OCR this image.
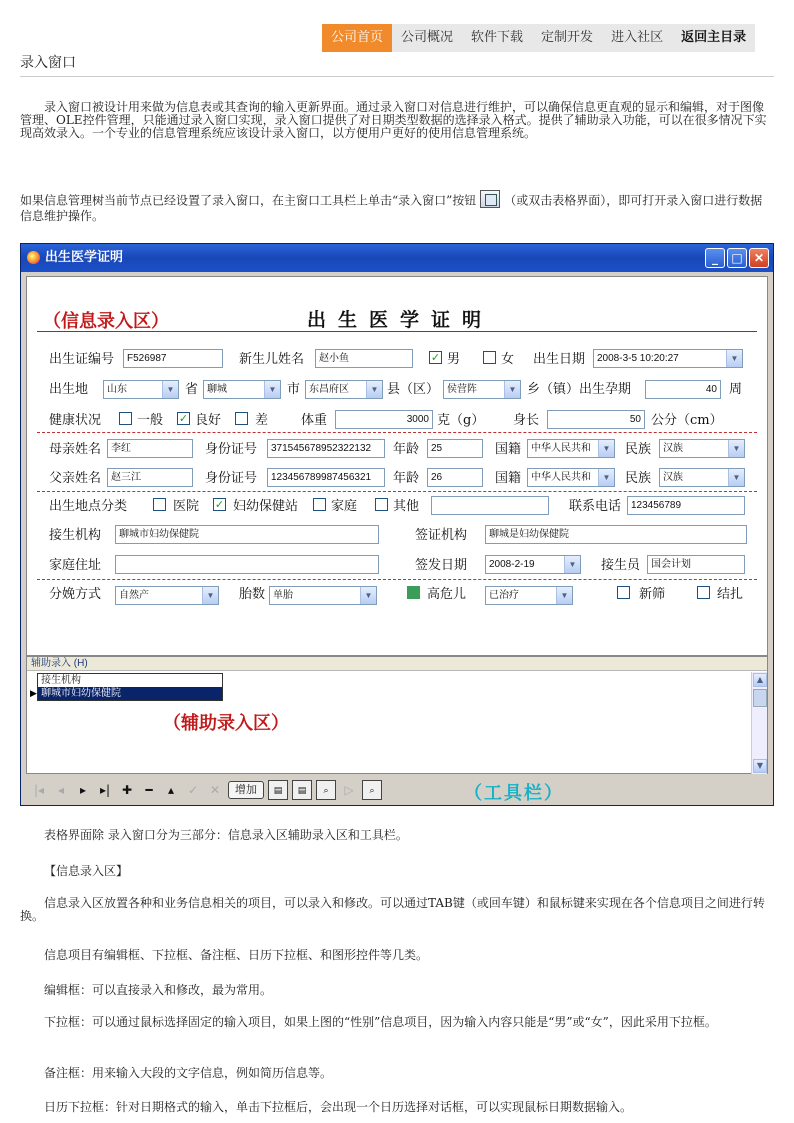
公司首页	公司概况	软件下载	定制开发	进入社区	返回主目录
录入窗口

录入窗口被设计用来做为信息表或其查询的输入更新界面。通过录入窗口对信息进行维护，可以确保信息更直观的显示和编辑，对于图像管理、OLE控件管理，只能通过录入窗口实现，录入窗口提供了对日期类型数据的选择录入格式。提供了辅助录入功能，可以在很多情况下实现高效录入。一个专业的信息管理系统应该设计录入窗口，以方便用户更好的使用信息管理系统。

如果信息管理树当前节点已经设置了录入窗口，在主窗口工具栏上单击“录入窗口”按钮 （或双击表格界面），即可打开录入窗口进行数据信息维护操作。

出生医学证明	_	□ ✕
（信息录入区）	出生医学证明
出生证编号	F526987	新生儿姓名	赵小鱼	✓ 男	女 出生日期	2008-3-5 10:20:27	▼
出生地	山东	▼ 省 聊城	▼ 市 东昌府区	▼ 县（区） 侯营阵	▼ 乡（镇）出生孕期	40 周
健康状况	一般 ✓ 良好	差	体重	3000 克（g） 身长	50 公分（cm）
母亲姓名 李红	身份证号	371545678952322132	年龄	25	国籍 中华人民共和	▼ 民族	汉族	▼
父亲姓名 赵三江	身份证号	123456789987456321	年龄	26	国籍 中华人民共和	▼ 民族	汉族	▼
出生地点分类	医院 ✓ 妇幼保健站	家庭	其他	联系电话 123456789
接生机构	聊城市妇幼保健院	签证机构	聊城是妇幼保健院
家庭住址	签发日期	2008-2-19	▼ 接生员	国会计划
分娩方式	自然产	▼ 胎数 单胎	▼	高危儿	已治疗	▼	新筛	结扎
辅助录入 (H)
▶
接生机构
聊城市妇幼保健院
（辅助录入区）
▲
▼
|◂	◂	▸	▸| ✚	━	▴	✓ ✕	增加	▤	▤	⌕	▷	⌕	（工具栏）

表格界面除 录入窗口分为三部分：信息录入区辅助录入区和工具栏。

【信息录入区】

信息录入区放置各种和业务信息相关的项目，可以录入和修改。可以通过TAB键（或回车键）和鼠标键来实现在各个信息项目之间进行转换。

信息项目有编辑框、下拉框、备注框、日历下拉框、和图形控件等几类。

编辑框：可以直接录入和修改，最为常用。

下拉框：可以通过鼠标选择固定的输入项目，如果上图的“性别”信息项目，因为输入内容只能是“男”或“女”，因此采用下拉框。

备注框：用来输入大段的文字信息，例如简历信息等。

日历下拉框：针对日期格式的输入，单击下拉框后，会出现一个日历选择对话框，可以实现鼠标日期数据输入。
